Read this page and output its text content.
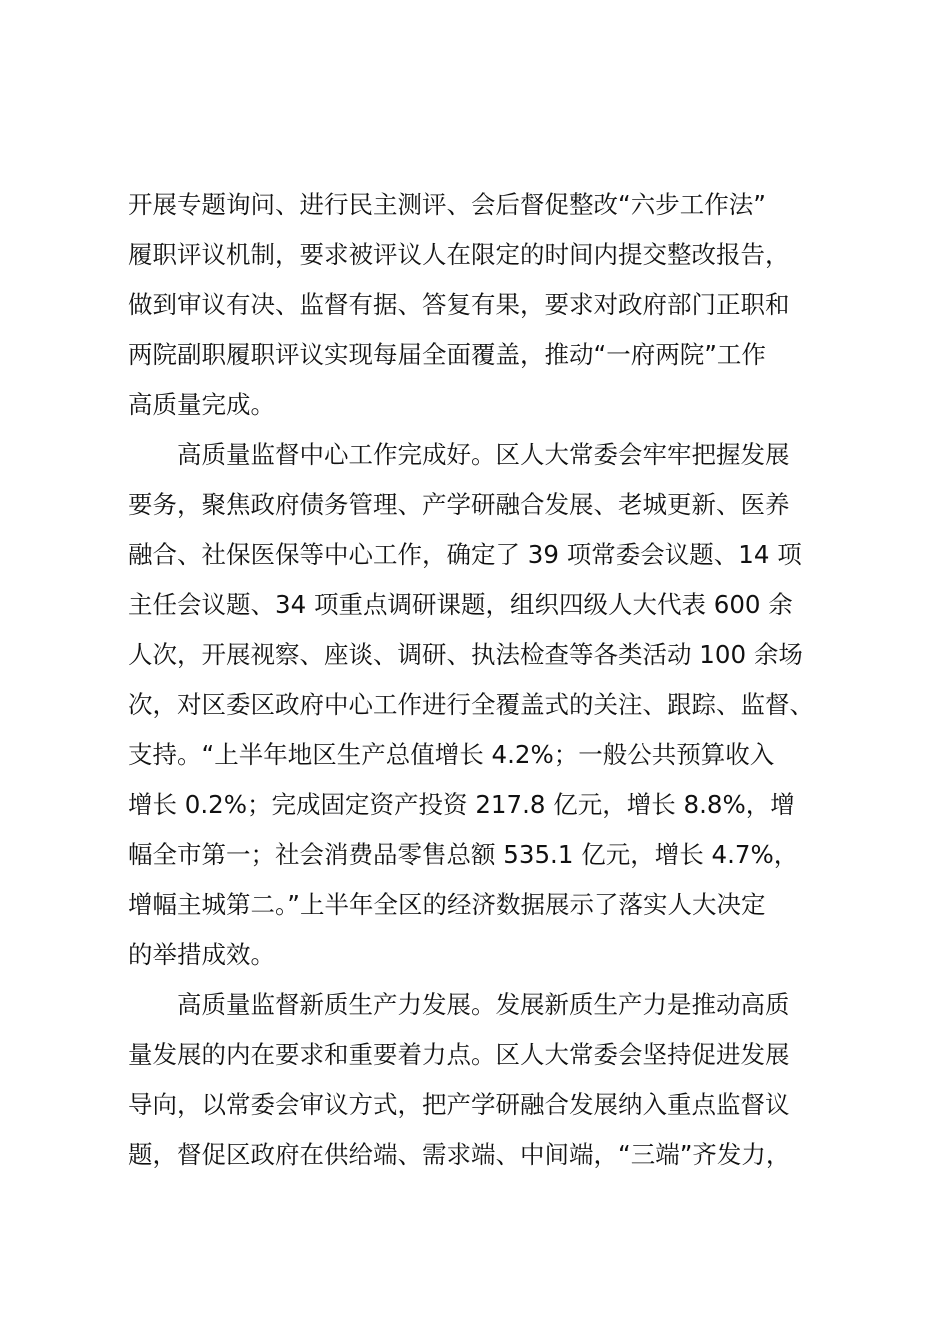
开展专题询问、进行民主测评、会后督促整改“六步工作法”
履职评议机制，要求被评议人在限定的时间内提交整改报告，
做到审议有决、监督有据、答复有果，要求对政府部门正职和
两院副职履职评议实现每届全面覆盖，推动“一府两院”工作
高质量完成。
　　高质量监督中心工作完成好。区人大常委会牢牢把握发展
要务，聚焦政府债务管理、产学研融合发展、老城更新、医养
融合、社保医保等中心工作，确定了 39 项常委会议题、14 项
主任会议题、34 项重点调研课题，组织四级人大代表 600 余
人次，开展视察、座谈、调研、执法检查等各类活动 100 余场
次，对区委区政府中心工作进行全覆盖式的关注、跟踪、监督、
支持。“上半年地区生产总值增长 4.2%；一般公共预算收入
增长 0.2%；完成固定资产投资 217.8 亿元，增长 8.8%，增
幅全市第一；社会消费品零售总额 535.1 亿元，增长 4.7%，
增幅主城第二。”上半年全区的经济数据展示了落实人大决定
的举措成效。
　　高质量监督新质生产力发展。发展新质生产力是推动高质
量发展的内在要求和重要着力点。区人大常委会坚持促进发展
导向，以常委会审议方式，把产学研融合发展纳入重点监督议
题，督促区政府在供给端、需求端、中间端，“三端”齐发力，
